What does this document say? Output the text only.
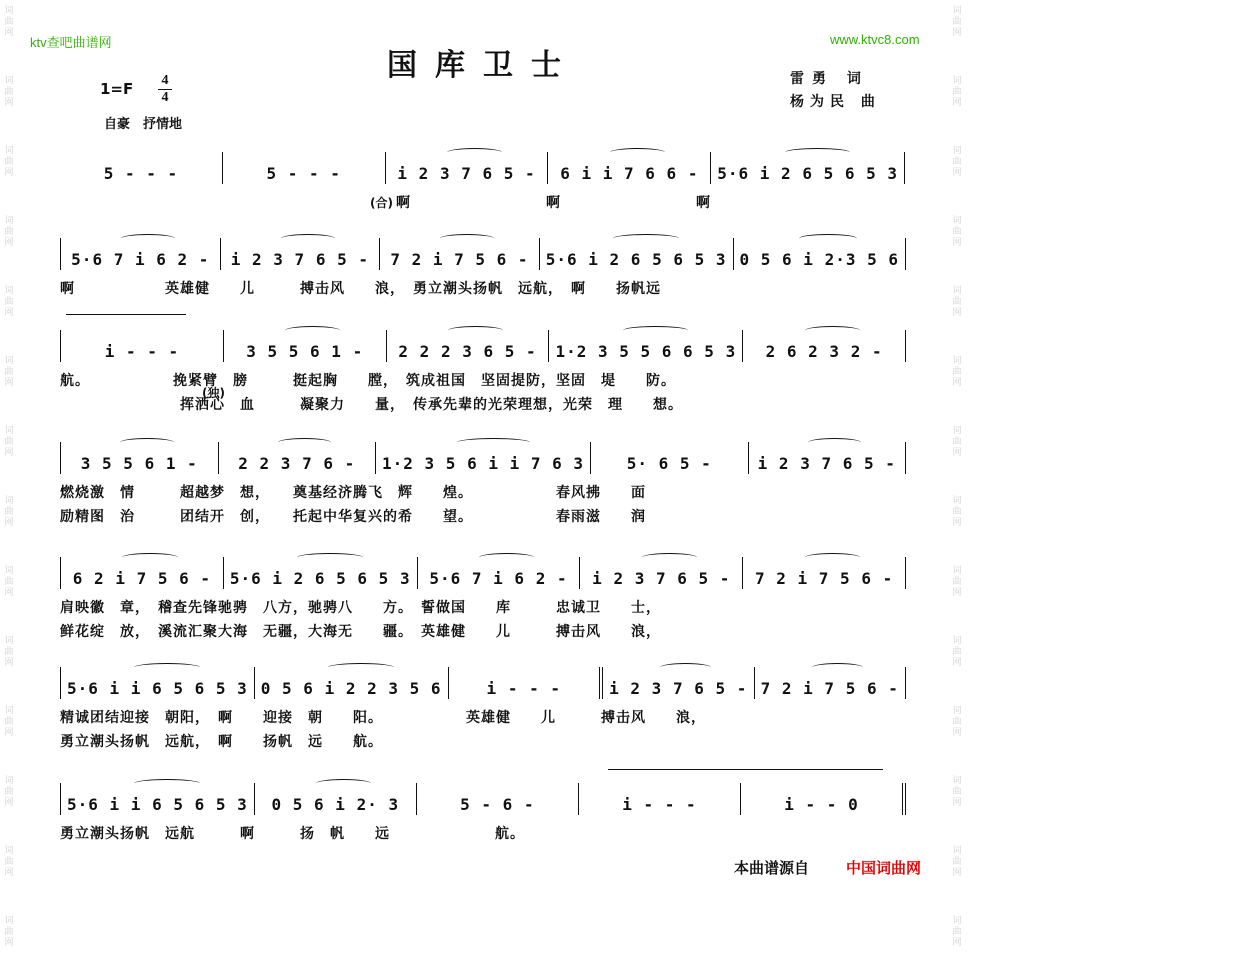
词
曲
网
词
曲
网
词
曲
网
词
曲
网
词
曲
网
词
曲
网
词
曲
网
词
曲
网
词
曲
网
词
曲
网
词
曲
网
词
曲
网
词
曲
网
词
曲
网
词
曲
网
词
曲
网
词
曲
网
词
曲
网
词
曲
网
词
曲
网
词
曲
网
词
曲
网
词
曲
网
词
曲
网
词
曲
网
词
曲
网
词
曲
网
词
曲
网
ktv查吧曲谱网	www.ktvc8.com
国库卫士
1=F 4
4
自豪　抒情地
雷勇 词
杨为民 曲
5 - - -	5 - - -	i 2 3 7 6 5 - 6 i i 7 6 6 - 5·6 i 2 6 5 6 5 3
(合) 啊　　　　　　　　　啊　　　　　　　　　啊
5·6 7 i 6 2 - i 2 3 7 6 5 - 7 2 i 7 5 6 - 5·6 i 2 6 5 6 5 3 0 5 6 i 2·3 5 6
啊　　　　　　英雄健　　儿　　　搏击风　　浪，　勇立潮头扬帆　远航，　啊　　扬帆远
i - - -	3 5 5 6 1 - 2 2 2 3 6 5 - 1·2 3 5 5 6 6 5 3 2 6 2 3 2 -
(独)
航。　　　　　　挽紧臂　膀　　　挺起胸　　膛，　筑成祖国　坚固提防，坚固　堤　　防。
　　　　　　　　挥洒心　血　　　凝聚力　　量，　传承先辈的光荣理想，光荣　理　　想。
3 5 5 6 1 -	2 2 3 7 6 - 1·2 3 5 6 i i 7 6 3	5· 6 5 -	i 2 3 7 6 5 -
燃烧激　情　　　超越梦　想，　　奠基经济腾飞　辉　　煌。　　　　　　春风拂　　面
励精图　治　　　团结开　创，　　托起中华复兴的希　　望。　　　　　　春雨滋　　润
6 2 i 7 5 6 - 5·6 i 2 6 5 6 5 3 5·6 7 i 6 2 - i 2 3 7 6 5 - 7 2 i 7 5 6 -
肩映徽　章，　稽查先锋驰骋　八方，驰骋八　　方。　誓做国　　库　　　忠诚卫　　士，
鲜花绽　放，　溪流汇聚大海　无疆，大海无　　疆。　英雄健　　儿　　　搏击风　　浪，
5·6 i i 6 5 6 5 3 0 5 6 i 2 2 3 5 6	i - - -	i 2 3 7 6 5 - 7 2 i 7 5 6 -
精诚团结迎接　朝阳，　啊　　迎接　朝　　阳。　　　　　　英雄健　　儿　　　搏击风　　浪，
勇立潮头扬帆　远航，　啊　　扬帆　远　　航。
5·6 i i 6 5 6 5 3 0 5 6 i 2· 3	5 - 6 -	i - - -	i - - 0
勇立潮头扬帆　远航　　　啊　　　扬　帆　　远　　　　　　　航。
本曲谱源自 中国词曲网
